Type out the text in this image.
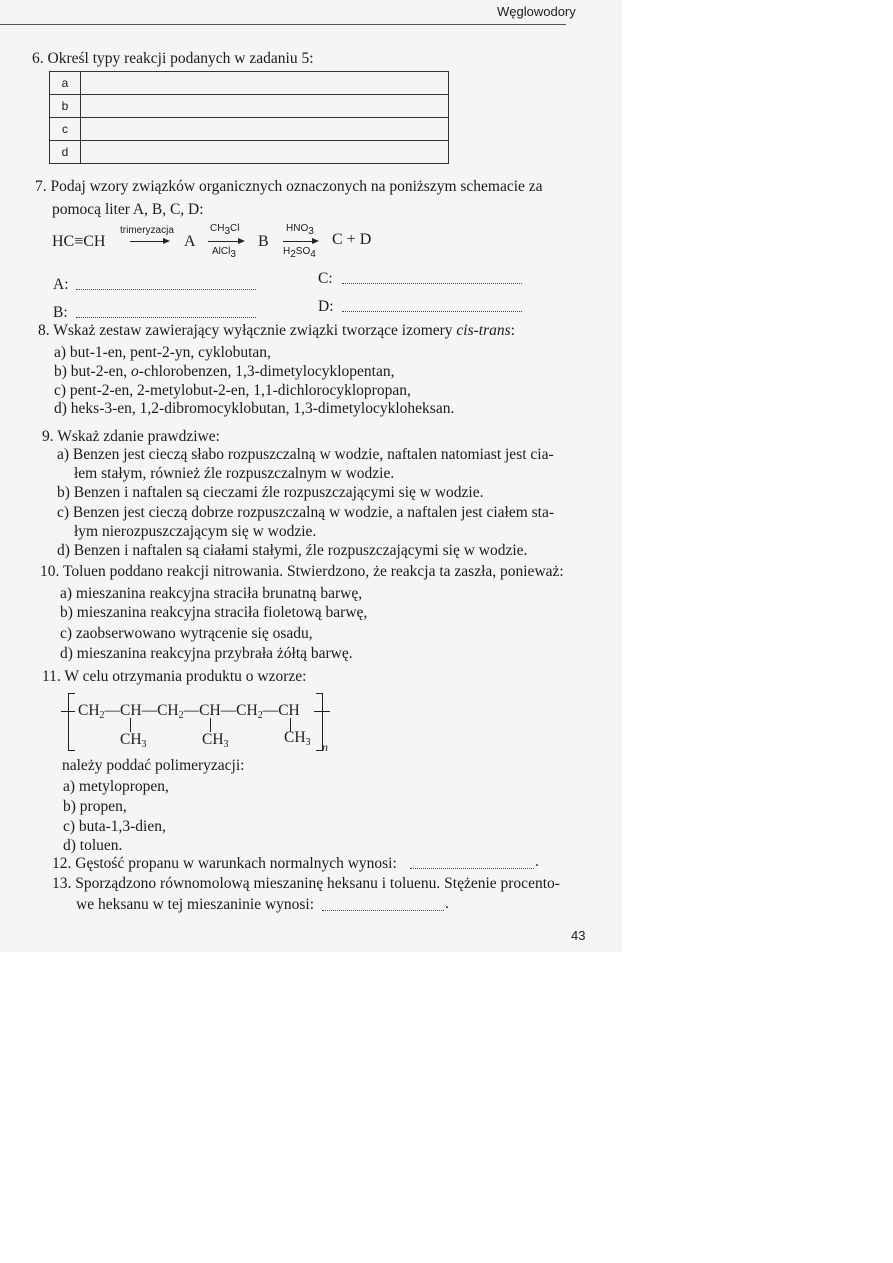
Węglowodory
6. Określ typy reakcji podanych w zadaniu 5:
a	
b	
c	
d	
7. Podaj wzory związków organicznych oznaczonych na poniższym schemacie za
pomocą liter A, B, C, D:
HC≡CH
trimeryzacja
→ A
CH3Cl
AlCl3
B
HNO3
H2SO4
C + D
A:	C:
B:	D:
8. Wskaż zestaw zawierający wyłącznie związki tworzące izomery cis-trans:
a) but-1-en, pent-2-yn, cyklobutan,
b) but-2-en, o-chlorobenzen, 1,3-dimetylocyklopentan,
c) pent-2-en, 2-metylobut-2-en, 1,1-dichlorocyklopropan,
d) heks-3-en, 1,2-dibromocyklobutan, 1,3-dimetylocykloheksan.
9. Wskaż zdanie prawdziwe:
a) Benzen jest cieczą słabo rozpuszczalną w wodzie, naftalen natomiast jest cia-
łem stałym, również źle rozpuszczalnym w wodzie.
b) Benzen i naftalen są cieczami źle rozpuszczającymi się w wodzie.
c) Benzen jest cieczą dobrze rozpuszczalną w wodzie, a naftalen jest ciałem sta-
łym nierozpuszczającym się w wodzie.
d) Benzen i naftalen są ciałami stałymi, źle rozpuszczającymi się w wodzie.
10. Toluen poddano reakcji nitrowania. Stwierdzono, że reakcja ta zaszła, ponieważ:
a) mieszanina reakcyjna straciła brunatną barwę,
b) mieszanina reakcyjna straciła fioletową barwę,
c) zaobserwowano wytrącenie się osadu,
d) mieszanina reakcyjna przybrała żółtą barwę.
11. W celu otrzymania produktu o wzorze:
$CH_2—CH—CH_2—CH—CH_2—CH$
n
$CH_3$	$CH_3$	$CH_3$
należy poddać polimeryzacji:
a) metylopropen,
b) propen,
c) buta-1,3-dien,
d) toluen.
12. Gęstość propanu w warunkach normalnych wynosi:	.
13. Sporządzono równomolową mieszaninę heksanu i toluenu. Stężenie procento-
we heksanu w tej mieszaninie wynosi:	.
43
